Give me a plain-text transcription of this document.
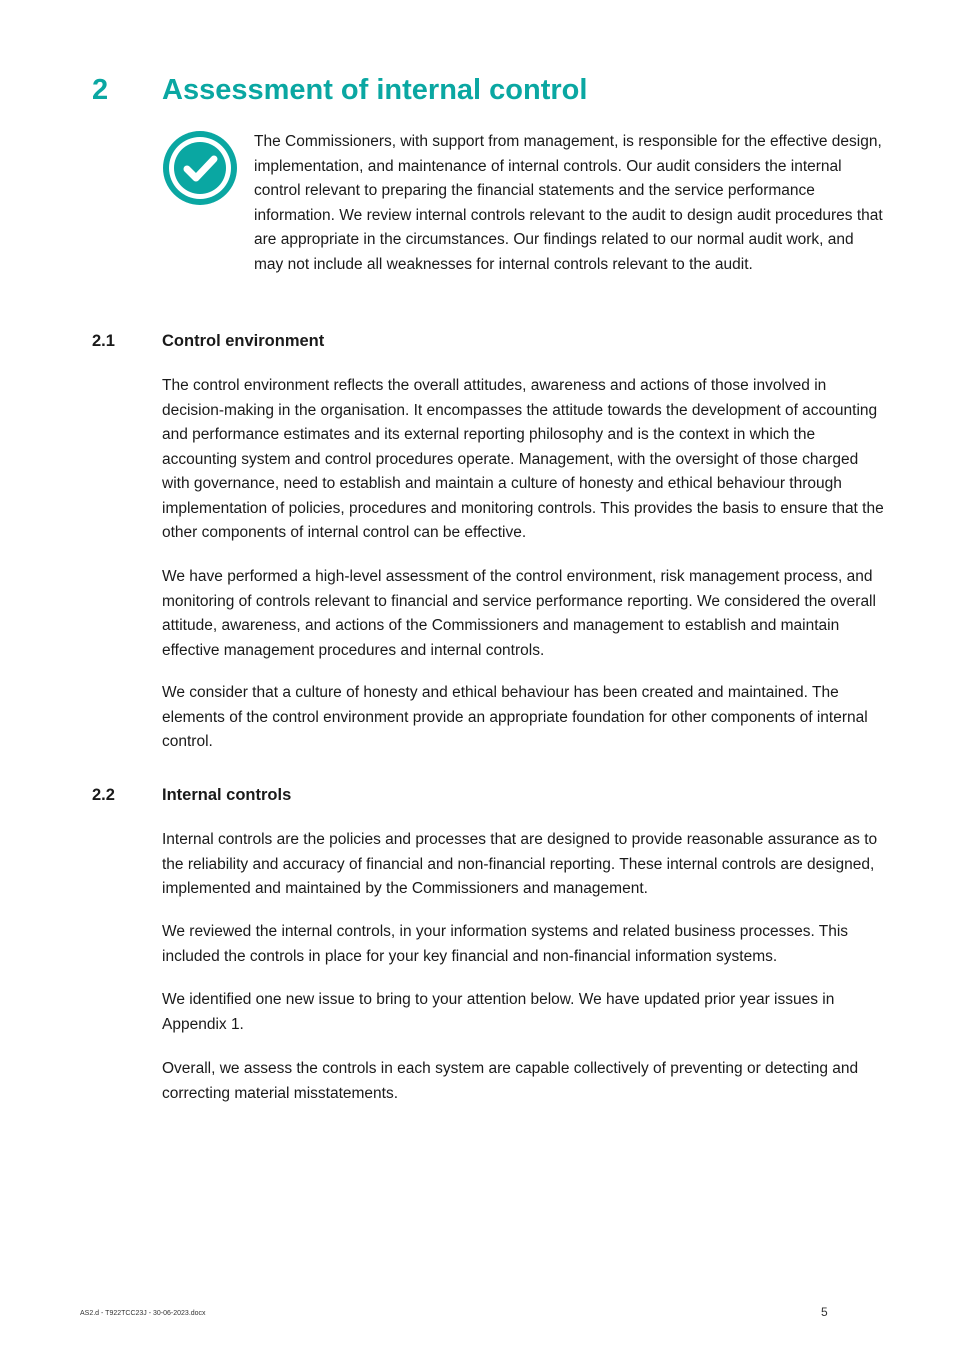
2	Assessment of internal control

The Commissioners, with support from management, is responsible for the effective design, implementation, and maintenance of internal controls. Our audit considers the internal control relevant to preparing the financial statements and the service performance information. We review internal controls relevant to the audit to design audit procedures that are appropriate in the circumstances. Our findings related to our normal audit work, and may not include all weaknesses for internal controls relevant to the audit.

2.1	Control environment

The control environment reflects the overall attitudes, awareness and actions of those involved in decision-making in the organisation. It encompasses the attitude towards the development of accounting and performance estimates and its external reporting philosophy and is the context in which the accounting system and control procedures operate. Management, with the oversight of those charged with governance, need to establish and maintain a culture of honesty and ethical behaviour through implementation of policies, procedures and monitoring controls. This provides the basis to ensure that the other components of internal control can be effective.

We have performed a high-level assessment of the control environment, risk management process, and monitoring of controls relevant to financial and service performance reporting. We considered the overall attitude, awareness, and actions of the Commissioners and management to establish and maintain effective management procedures and internal controls.

We consider that a culture of honesty and ethical behaviour has been created and maintained. The elements of the control environment provide an appropriate foundation for other components of internal control.

2.2	Internal controls

Internal controls are the policies and processes that are designed to provide reasonable assurance as to the reliability and accuracy of financial and non-financial reporting. These internal controls are designed, implemented and maintained by the Commissioners and management.

We reviewed the internal controls, in your information systems and related business processes. This included the controls in place for your key financial and non-financial information systems.

We identified one new issue to bring to your attention below. We have updated prior year issues in Appendix 1.

Overall, we assess the controls in each system are capable collectively of preventing or detecting and correcting material misstatements.

AS2.d - T922TCC23J - 30-06-2023.docx	5
